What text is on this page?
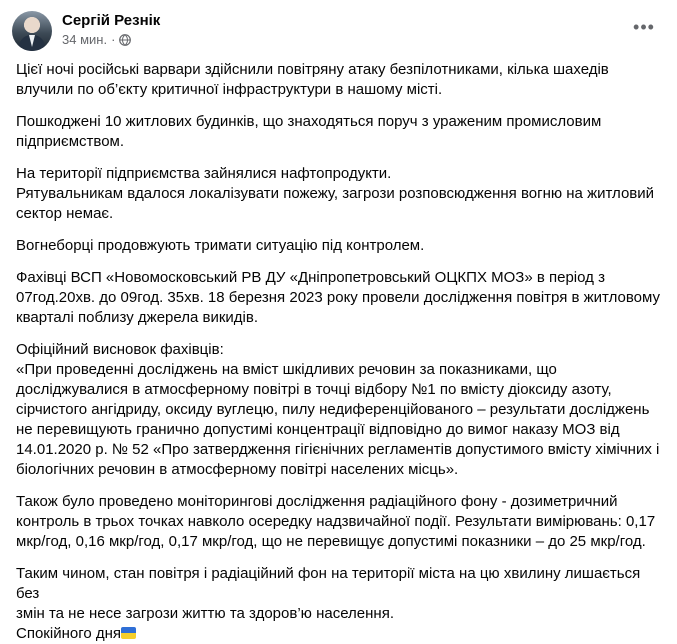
Сергій Резнік
34 мин. ·
•••

Цієї ночі російські варвари здійснили повітряну атаку безпілотниками, кілька шахедів
влучили по об’єкту критичної інфраструктури в нашому місті.

Пошкоджені 10 житлових будинків, що знаходяться поруч з ураженим промисловим
підприємством.

На території підприємства зайнялися нафтопродукти.
Рятувальникам вдалося локалізувати пожежу, загрози розповсюдження вогню на житловий
сектор немає.

Вогнеборці продовжують тримати ситуацію під контролем.

Фахівці ВСП «Новомосковський РВ ДУ «Дніпропетровський ОЦКПХ МОЗ» в період з
07год.20хв. до 09год. 35хв. 18 березня 2023 року провели дослідження повітря в житловому
кварталі поблизу джерела викидів.

Офіційний висновок фахівців:
«При проведенні досліджень на вміст шкідливих речовин за показниками, що
досліджувалися в атмосферному повітрі в точці відбору №1 по вмісту діоксиду азоту,
сірчистого ангідриду, оксиду вуглецю, пилу недиференційованого – результати досліджень
не перевищують гранично допустимі концентрації відповідно до вимог наказу МОЗ від
14.01.2020 р. № 52 «Про затвердження гігієнічних регламентів допустимого вмісту хімічних і
біологічних речовин в атмосферному повітрі населених місць».

Також було проведено моніторингові дослідження радіаційного фону - дозиметричний
контроль в трьох точках навколо осередку надзвичайної події. Результати вимірювань: 0,17
мкр/год, 0,16 мкр/год, 0,17 мкр/год, що не перевищує допустимі показники – до 25 мкр/год.

Таким чином, стан повітря і радіаційний фон на території міста на цю хвилину лишається без
змін та не несе загрози життю та здоров’ю населення.

Спокійного дня
